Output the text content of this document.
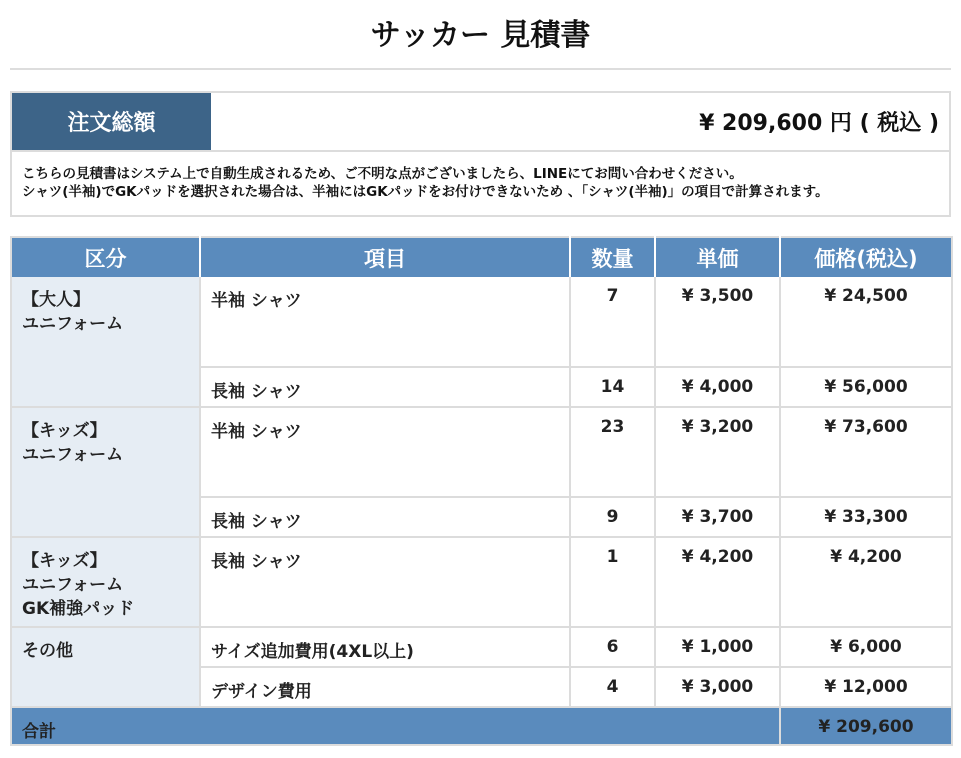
サッカー 見積書
注文総額	¥ 209,600 円 ( 税込 )
こちらの見積書はシステム上で自動生成されるため、ご不明な点がございましたら、LINEにてお問い合わせください。
シャツ(半袖)でGKパッドを選択された場合は、半袖にはGKパッドをお付けできないため 、「シャツ(半袖)」の項目で計算されます。
区分	項目	数量	単価	価格(税込)

【大人】
ユニフォーム	半袖 シャツ	7	¥ 3,500	¥ 24,500
	長袖 シャツ	14	¥ 4,000	¥ 56,000

【キッズ】
ユニフォーム	半袖 シャツ	23	¥ 3,200	¥ 73,600
	長袖 シャツ	9	¥ 3,700	¥ 33,300

【キッズ】
ユニフォーム
GK補強パッド	長袖 シャツ	1	¥ 4,200	¥ 4,200

その他	サイズ追加費用(4XL以上)	6	¥ 1,000	¥ 6,000
	デザイン費用	4	¥ 3,000	¥ 12,000
合計				¥ 209,600
